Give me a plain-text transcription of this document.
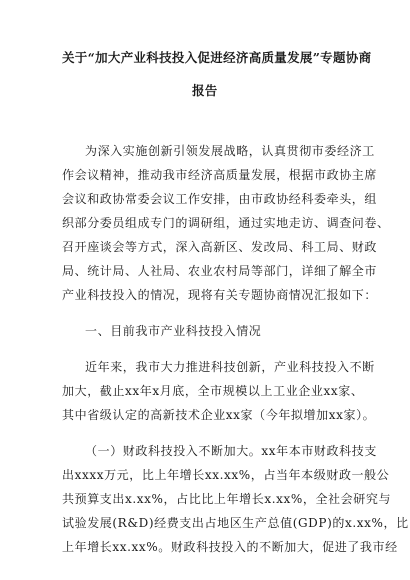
关于“加大产业科技投入促进经济高质量发展”专题协商
报告
为深入实施创新引领发展战略，认真贯彻市委经济工
作会议精神，推动我市经济高质量发展，根据市政协主席
会议和政协常委会议工作安排，由市政协经科委牵头，组
织部分委员组成专门的调研组，通过实地走访、调查问卷、
召开座谈会等方式，深入高新区、发改局、科工局、财政
局、统计局、人社局、农业农村局等部门，详细了解全市
产业科技投入的情况，现将有关专题协商情况汇报如下：
一、目前我市产业科技投入情况
近年来，我市大力推进科技创新，产业科技投入不断
加大，截止xx年x月底，全市规模以上工业企业xx家、
其中省级认定的高新技术企业xx家（今年拟增加xx家）。
（一）财政科技投入不断加大。xx年本市财政科技支
出xxxx万元，比上年增长xx.xx%，占当年本级财政一般公
共预算支出x.xx%，占比比上年增长x.xx%，全社会研究与
试验发展(R&D)经费支出占地区生产总值(GDP)的x.xx%，比
上年增长xx.xx%。财政科技投入的不断加大，促进了我市经
